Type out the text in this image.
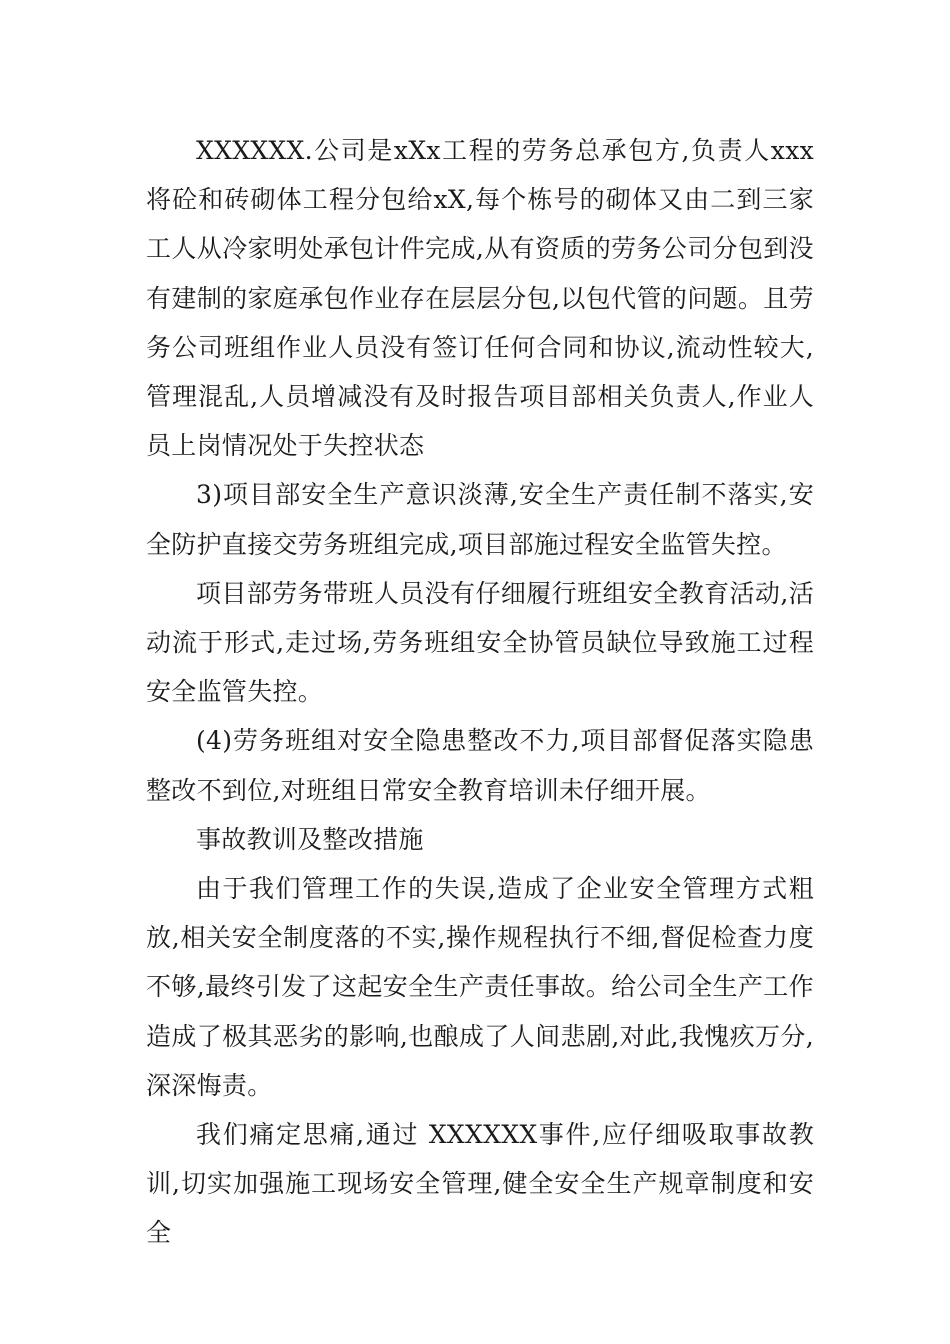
XXXXXX.公司是xXx工程的劳务总承包方,负责人xxx将砼和砖砌体工程分包给xX,每个栋号的砌体又由二到三家工人从冷家明处承包计件完成,从有资质的劳务公司分包到没有建制的家庭承包作业存在层层分包,以包代管的问题。且劳务公司班组作业人员没有签订任何合同和协议,流动性较大,管理混乱,人员增减没有及时报告项目部相关负责人,作业人员上岗情况处于失控状态

3)项目部安全生产意识淡薄,安全生产责任制不落实,安全防护直接交劳务班组完成,项目部施过程安全监管失控。

项目部劳务带班人员没有仔细履行班组安全教育活动,活动流于形式,走过场,劳务班组安全协管员缺位导致施工过程安全监管失控。

(4)劳务班组对安全隐患整改不力,项目部督促落实隐患整改不到位,对班组日常安全教育培训未仔细开展。

事故教训及整改措施

由于我们管理工作的失误,造成了企业安全管理方式粗放,相关安全制度落的不实,操作规程执行不细,督促检查力度不够,最终引发了这起安全生产责任事故。给公司全生产工作造成了极其恶劣的影响,也酿成了人间悲剧,对此,我愧疚万分,深深悔责。

我们痛定思痛,通过 XXXXXX事件,应仔细吸取事故教训,切实加强施工现场安全管理,健全安全生产规章制度和安全
